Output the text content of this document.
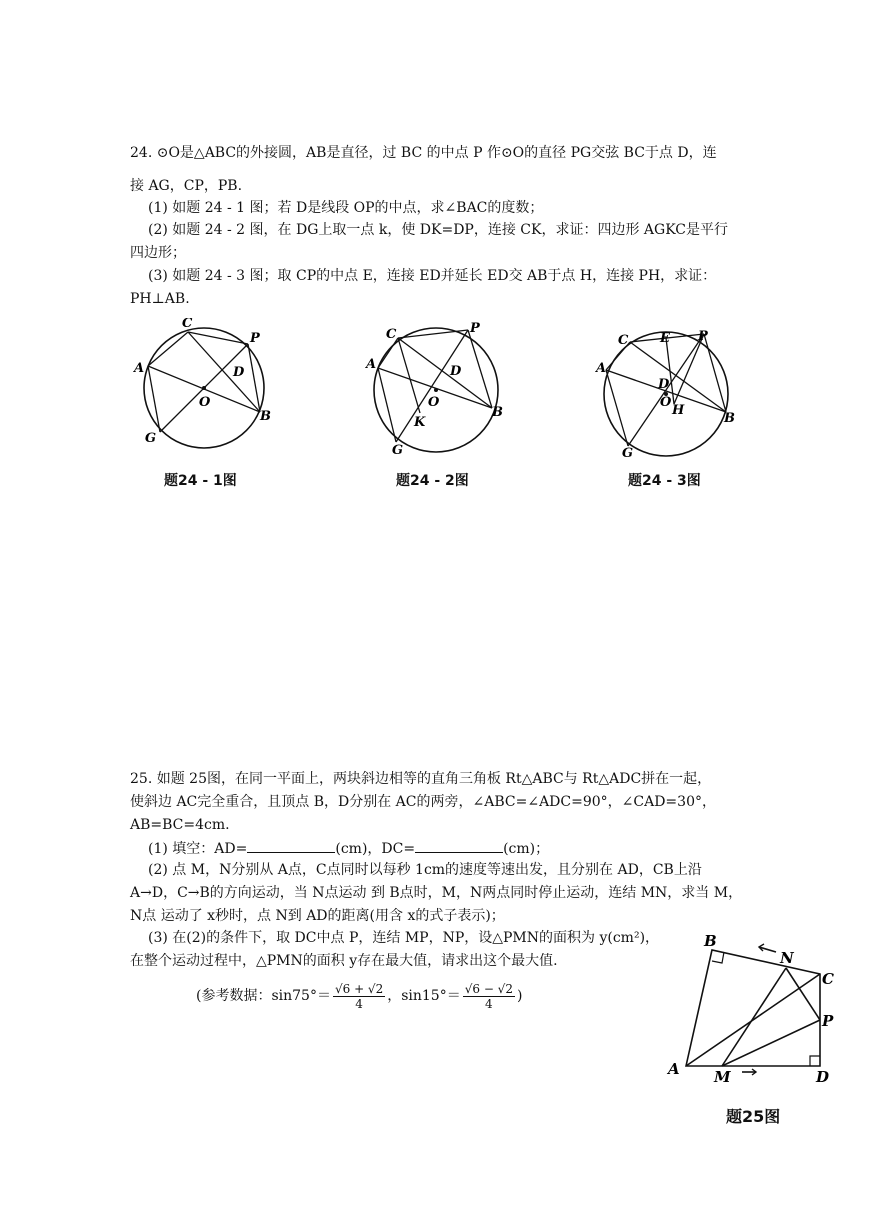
24. ⊙O是△ABC的外接圆，AB是直径，过 BC 的中点 P 作⊙O的直径 PG交弦 BC于点 D，连
接 AG，CP，PB.
(1) 如题 24 - 1 图；若 D是线段 OP的中点，求∠BAC的度数；
(2) 如题 24 - 2 图，在 DG上取一点 k，使 DK=DP，连接 CK，求证：四边形 AGKC是平行
四边形；
(3) 如题 24 - 3 图；取 CP的中点 E，连接 ED并延长 ED交 AB于点 H，连接 PH，求证：
PH⊥AB.
A
C
P
D
O
B
G
题24 - 1图
A
C	P
D
O
K
B
G
题24 - 2图
A
C E P
D
O
H
B
G
题24 - 3图
25. 如题 25图，在同一平面上，两块斜边相等的直角三角板 Rt△ABC与 Rt△ADC拼在一起，
使斜边 AC完全重合，且顶点 B，D分别在 AC的两旁，∠ABC=∠ADC=90°，∠CAD=30°，
AB=BC=4cm.
(1) 填空：AD=	(cm)，DC=	(cm)；
(2) 点 M，N分别从 A点，C点同时以每秒 1cm的速度等速出发，且分别在 AD，CB上沿
A→D，C→B的方向运动，当 N点运动 到 B点时，M，N两点同时停止运动，连结 MN，求当 M，
N点 运动了 x秒时，点 N到 AD的距离(用含 x的式子表示)；
(3) 在(2)的条件下，取 DC中点 P，连结 MP，NP，设△PMN的面积为 y(cm²)，
在整个运动过程中，△PMN的面积 y存在最大值，请求出这个最大值.
(参考数据：$\sin 75^\circ= \frac{√6 + √2}{4}$ ，$\sin 15^\circ= \frac{√6 - √2}{4}$ )
A
B
N
C
P
D
M
题25图
